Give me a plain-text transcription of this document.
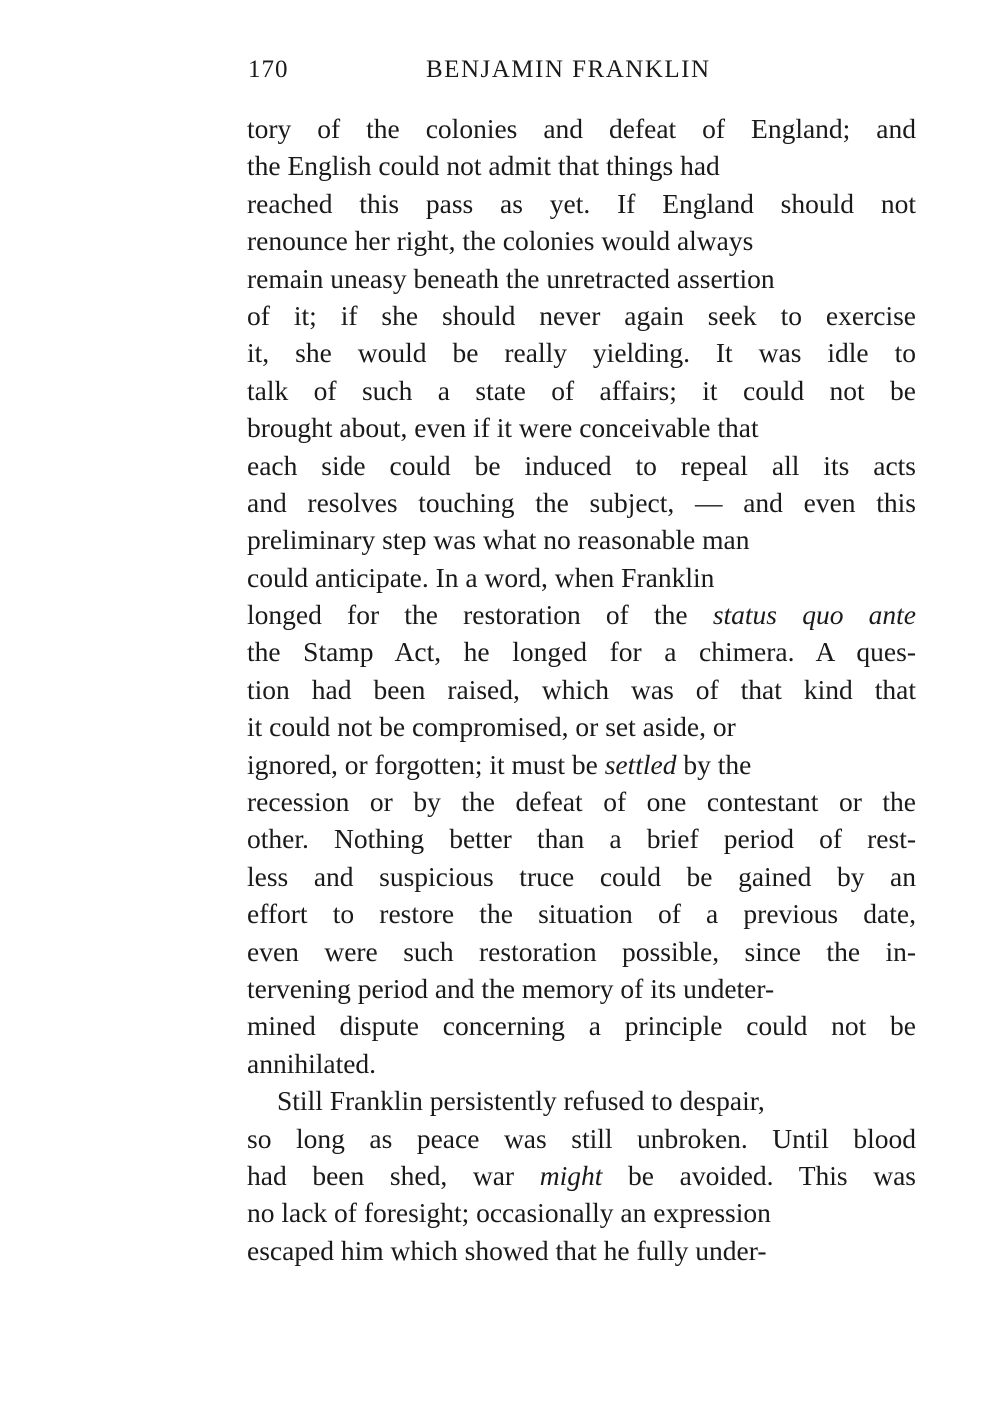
170	BENJAMIN FRANKLIN
tory of the colonies and defeat of England; and
the English could not admit that things had
reached this pass as yet. If England should not
renounce her right, the colonies would always
remain uneasy beneath the unretracted assertion
of it; if she should never again seek to exercise
it, she would be really yielding. It was idle to
talk of such a state of affairs; it could not be
brought about, even if it were conceivable that
each side could be induced to repeal all its acts
and resolves touching the subject, — and even this
preliminary step was what no reasonable man
could anticipate. In a word, when Franklin
longed for the restoration of the status quo ante
the Stamp Act, he longed for a chimera. A ques-
tion had been raised, which was of that kind that
it could not be compromised, or set aside, or
ignored, or forgotten; it must be settled by the
recession or by the defeat of one contestant or the
other. Nothing better than a brief period of rest-
less and suspicious truce could be gained by an
effort to restore the situation of a previous date,
even were such restoration possible, since the in-
tervening period and the memory of its undeter-
mined dispute concerning a principle could not be
annihilated.
Still Franklin persistently refused to despair,
so long as peace was still unbroken. Until blood
had been shed, war might be avoided. This was
no lack of foresight; occasionally an expression
escaped him which showed that he fully under-
